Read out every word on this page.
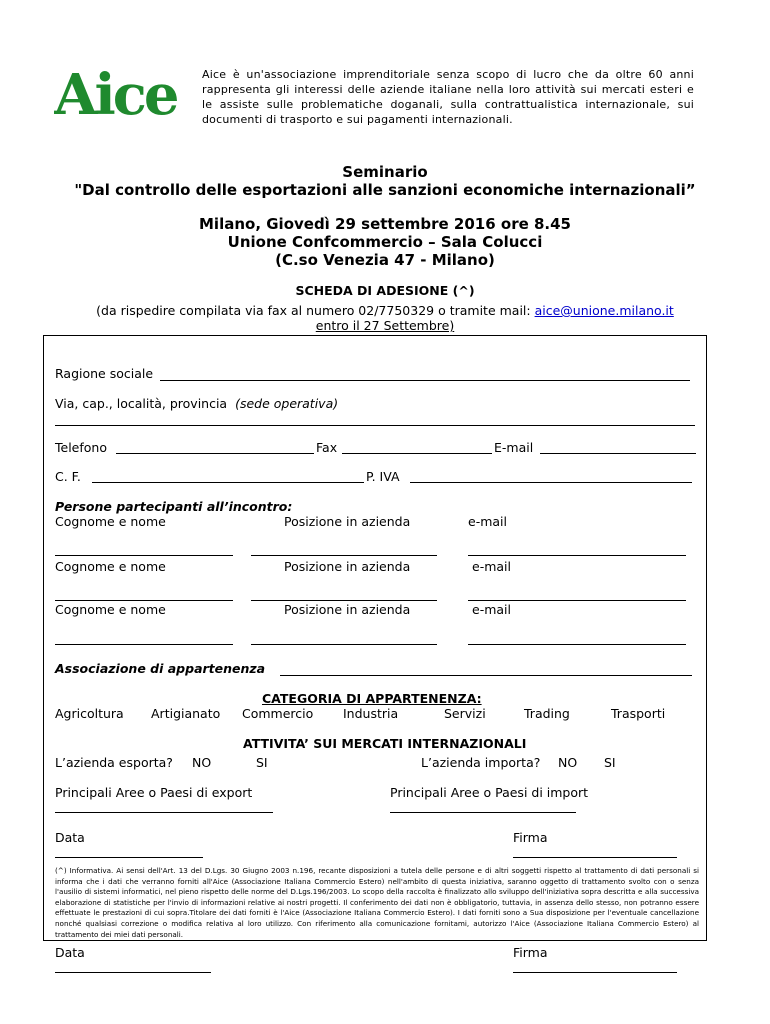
Aice Aice è un'associazione imprenditoriale senza scopo di lucro che da oltre 60 anni rappresenta gli interessi delle aziende italiane nella loro attività sui mercati esteri e le assiste sulle problematiche doganali, sulla contrattualistica internazionale, sui documenti di trasporto e sui pagamenti internazionali.
Seminario
"Dal controllo delle esportazioni alle sanzioni economiche internazionali”
Milano, Giovedì 29 settembre 2016 ore 8.45
Unione Confcommercio – Sala Colucci
(C.so Venezia 47 - Milano)
SCHEDA DI ADESIONE (^)
(da rispedire compilata via fax al numero 02/7750329 o tramite mail: aice@unione.milano.it
entro il 27 Settembre)
Ragione sociale
Via, cap., località, provincia (sede operativa)
Telefono	Fax	E-mail
C. F.	P. IVA
Persone partecipanti all’incontro:
Cognome e nome	Posizione in azienda	e-mail
Cognome e nome	Posizione in azienda	e-mail
Cognome e nome	Posizione in azienda	e-mail
Associazione di appartenenza
CATEGORIA DI APPARTENENZA:
Agricoltura Artigianato Commercio Industria	Servizi	Trading	Trasporti
ATTIVITA’ SUI MERCATI INTERNAZIONALI
L’azienda esporta? NO	SI	L’azienda importa? NO SI
Principali Aree o Paesi di export	Principali Aree o Paesi di import
Data	Firma
(^) Informativa. Ai sensi dell'Art. 13 del D.Lgs. 30 Giugno 2003 n.196, recante disposizioni a tutela delle persone e di altri soggetti rispetto al trattamento di dati personali si informa che i dati che verranno forniti all'Aice (Associazione Italiana Commercio Estero) nell'ambito di questa iniziativa, saranno oggetto di trattamento svolto con o senza l'ausilio di sistemi informatici, nel pieno rispetto delle norme del D.Lgs.196/2003. Lo scopo della raccolta è finalizzato allo sviluppo dell'iniziativa sopra descritta e alla successiva elaborazione di statistiche per l'invio di informazioni relative ai nostri progetti. Il conferimento dei dati non è obbligatorio, tuttavia, in assenza dello stesso, non potranno essere effettuate le prestazioni di cui sopra.Titolare dei dati forniti è l'Aice (Associazione Italiana Commercio Estero). I dati forniti sono a Sua disposizione per l'eventuale cancellazione nonché qualsiasi correzione o modifica relativa al loro utilizzo. Con riferimento alla comunicazione fornitami, autorizzo l'Aice (Associazione Italiana Commercio Estero) al trattamento dei miei dati personali.
Data	Firma
